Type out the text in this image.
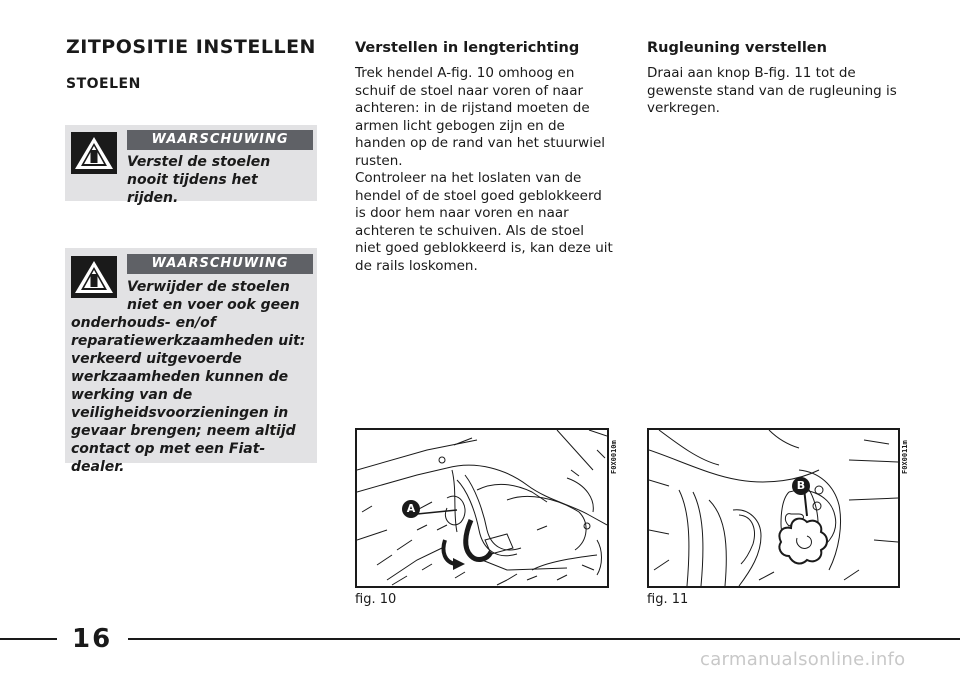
ZITPOSITIE INSTELLEN
STOELEN
WAARSCHUWING
Verstel de stoelen nooit tijdens het rijden.
WAARSCHUWING
Verwijder de stoelen niet en voer ook geen
onderhouds- en/of reparatiewerkzaamheden uit: verkeerd uitgevoerde werkzaamheden kunnen de werking van de veiligheidsvoorzieningen in gevaar brengen; neem altijd contact op met een Fiat-dealer.
Verstellen in lengterichting
Trek hendel A-fig. 10 omhoog en schuif de stoel naar voren of naar achteren: in de rijstand moeten de armen licht gebogen zijn en de handen op de rand van het stuurwiel rusten.
Controleer na het loslaten van de hendel of de stoel goed geblokkeerd is door hem naar voren en naar achteren te schuiven. Als de stoel niet goed geblokkeerd is, kan deze uit de rails loskomen.
Rugleuning verstellen
Draai aan knop B-fig. 11 tot de gewenste stand van de rugleuning is verkregen.
A
F0X0010m
fig. 10
B
F0X0011m
fig. 11
16
carmanualsonline.info
